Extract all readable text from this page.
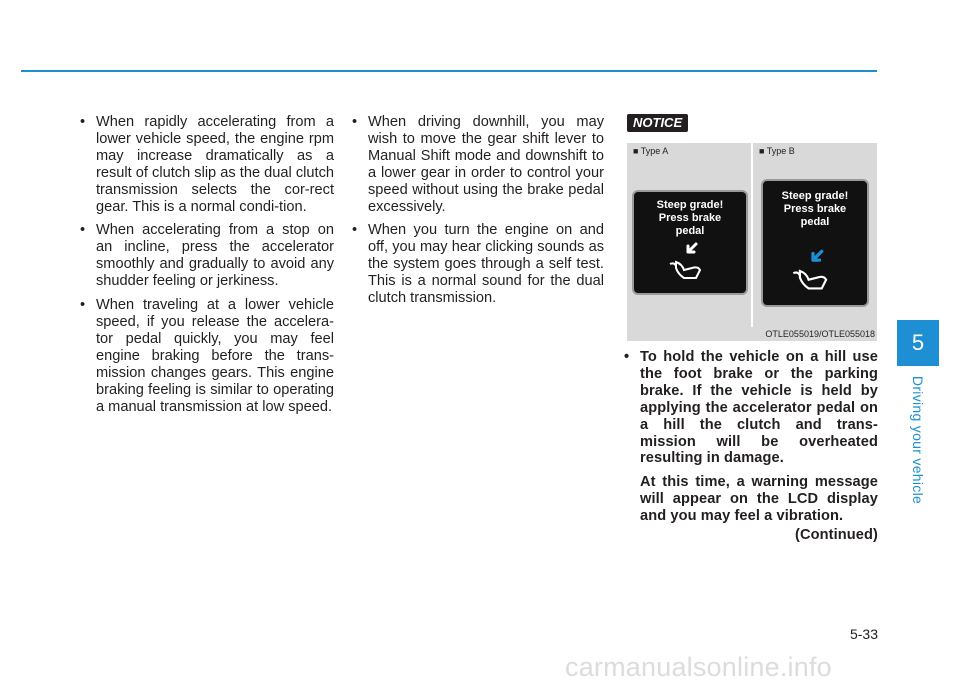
• When rapidly accelerating from a lower vehicle speed, the engine rpm may increase dramatically as a result of clutch slip as the dual clutch transmission selects the cor-rect gear. This is a normal condi-tion.

• When accelerating from a stop on an incline, press the accelerator smoothly and gradually to avoid any shudder feeling or jerkiness.

• When traveling at a lower vehicle speed, if you release the accelera-tor pedal quickly, you may feel engine braking before the trans-mission changes gears. This engine braking feeling is similar to operating a manual transmission at low speed.

• When driving downhill, you may wish to move the gear shift lever to Manual Shift mode and downshift to a lower gear in order to control your speed without using the brake pedal excessively.

• When you turn the engine on and off, you may hear clicking sounds as the system goes through a self test. This is a normal sound for the dual clutch transmission.

NOTICE
■ Type A
Steep grade!
Press brake
pedal
■ Type B
Steep grade!
Press brake
pedal
OTLE055019/OTLE055018

• To hold the vehicle on a hill use the foot brake or the parking brake. If the vehicle is held by applying the accelerator pedal on a hill the clutch and trans-mission will be overheated resulting in damage.

At this time, a warning message will appear on the LCD display and you may feel a vibration.

(Continued)

5
Driving your vehicle
5-33
carmanualsonline.info
